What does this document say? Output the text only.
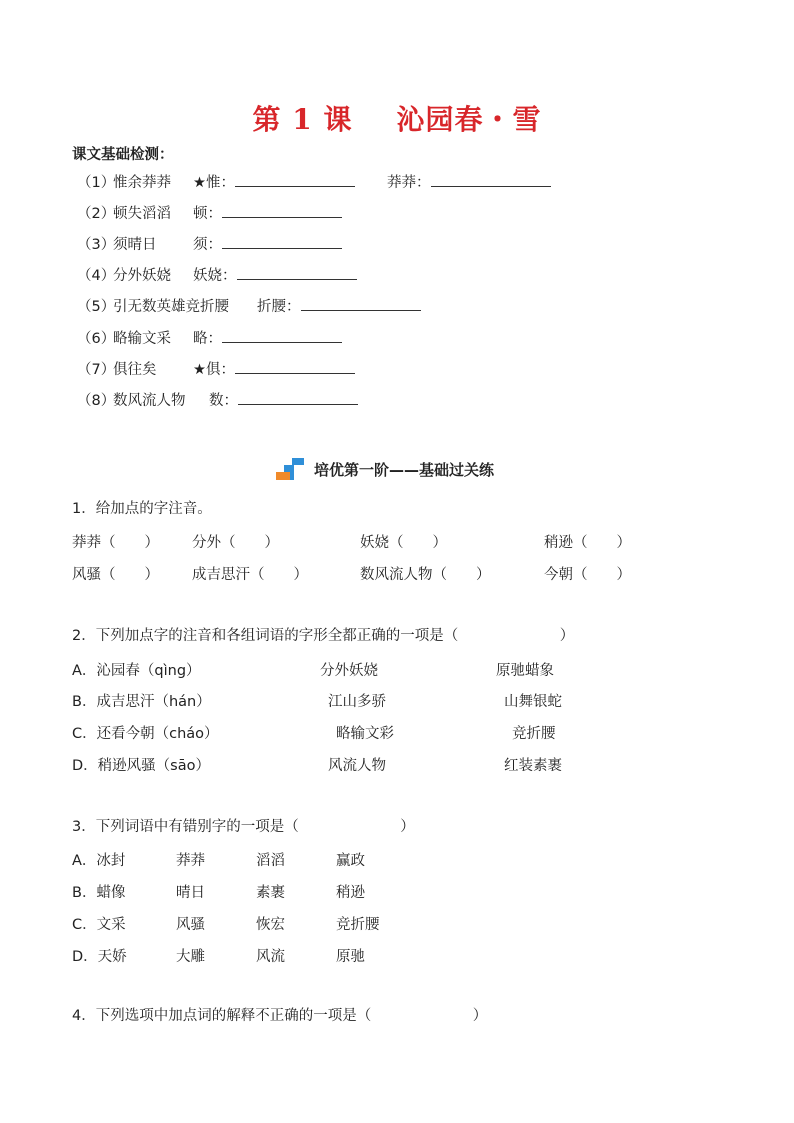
第 1 课 沁园春・雪
课文基础检测：
（1）惟余莽莽 ★惟：	莽莽：
（2）顿失滔滔 顿：
（3）须晴日	须：
（4）分外妖娆 妖娆：
（5）引无数英雄竞折腰 折腰：
（6）略输文采 略：
（7）俱往矣	★俱：
（8）数风流人物 数：
培优第一阶——基础过关练
1．给加点的字注音。
莽莽（　　） 分外（　　）	妖娆（　　）	稍逊（　　）
风骚（　　） 成吉思汗（　　）	数风流人物（　　）	今朝（　　）
2．下列加点字的注音和各组词语的字形全都正确的一项是（　　　　　　　）
A．沁园春（qìng）	分外妖娆	原驰蜡象
B．成吉思汗（hán）	江山多骄	山舞银蛇
C．还看今朝（cháo）	略输文彩	竞折腰
D．稍逊风骚（sāo）	风流人物	红装素裹
3．下列词语中有错别字的一项是（　　　　　　　）
A．冰封	莽莽	滔滔	赢政
B．蜡像	晴日	素裹	稍逊
C．文采	风骚	恢宏	竞折腰
D．天娇	大雕	风流	原驰
4．下列选项中加点词的解释不正确的一项是（　　　　　　　）
